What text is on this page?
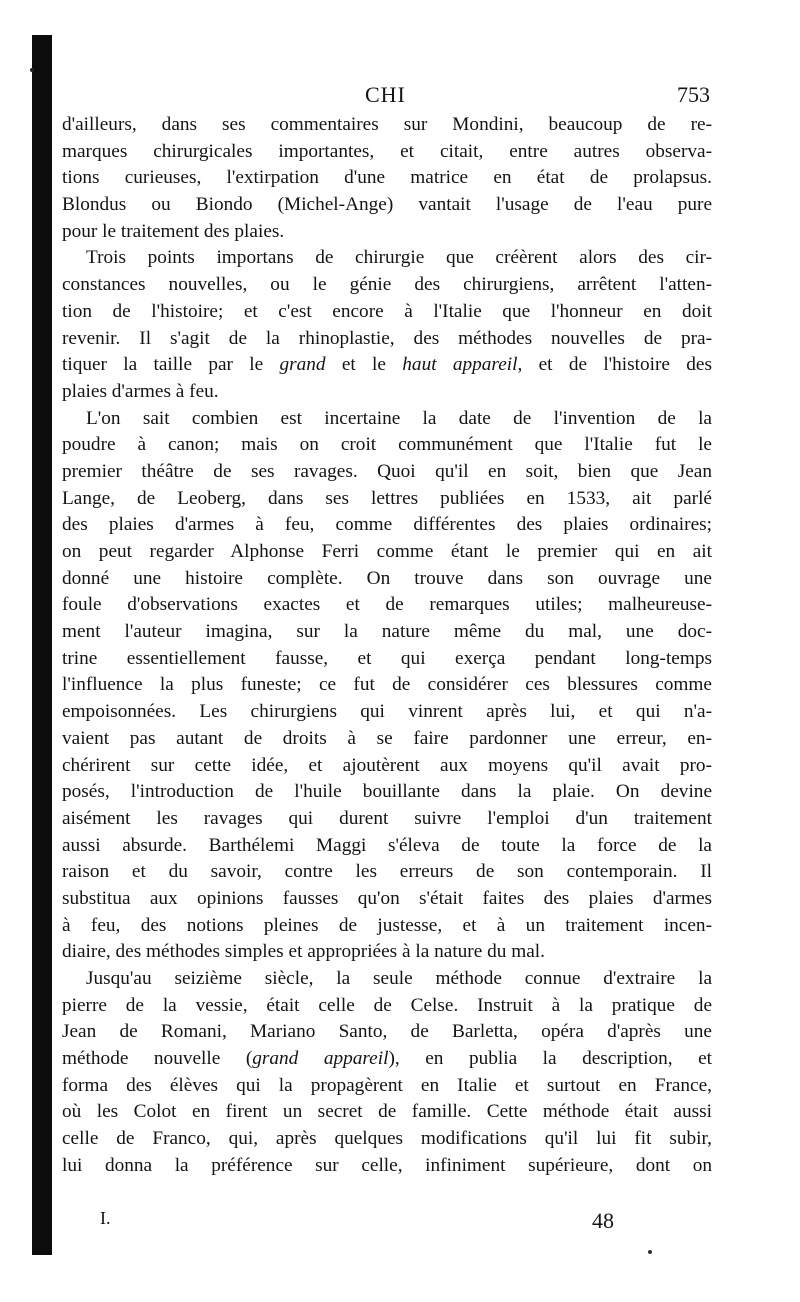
CHI	753
d'ailleurs, dans ses commentaires sur Mondini, beaucoup de re-
marques chirurgicales importantes, et citait, entre autres observa-
tions curieuses, l'extirpation d'une matrice en état de prolapsus.
Blondus ou Biondo (Michel-Ange) vantait l'usage de l'eau pure
pour le traitement des plaies.
Trois points importans de chirurgie que créèrent alors des cir-
constances nouvelles, ou le génie des chirurgiens, arrêtent l'atten-
tion de l'histoire; et c'est encore à l'Italie que l'honneur en doit
revenir. Il s'agit de la rhinoplastie, des méthodes nouvelles de pra-
tiquer la taille par le grand et le haut appareil, et de l'histoire des
plaies d'armes à feu.
L'on sait combien est incertaine la date de l'invention de la
poudre à canon; mais on croit communément que l'Italie fut le
premier théâtre de ses ravages. Quoi qu'il en soit, bien que Jean
Lange, de Leoberg, dans ses lettres publiées en 1533, ait parlé
des plaies d'armes à feu, comme différentes des plaies ordinaires;
on peut regarder Alphonse Ferri comme étant le premier qui en ait
donné une histoire complète. On trouve dans son ouvrage une
foule d'observations exactes et de remarques utiles; malheureuse-
ment l'auteur imagina, sur la nature même du mal, une doc-
trine essentiellement fausse, et qui exerça pendant long-temps
l'influence la plus funeste; ce fut de considérer ces blessures comme
empoisonnées. Les chirurgiens qui vinrent après lui, et qui n'a-
vaient pas autant de droits à se faire pardonner une erreur, en-
chérirent sur cette idée, et ajoutèrent aux moyens qu'il avait pro-
posés, l'introduction de l'huile bouillante dans la plaie. On devine
aisément les ravages qui durent suivre l'emploi d'un traitement
aussi absurde. Barthélemi Maggi s'éleva de toute la force de la
raison et du savoir, contre les erreurs de son contemporain. Il
substitua aux opinions fausses qu'on s'était faites des plaies d'armes
à feu, des notions pleines de justesse, et à un traitement incen-
diaire, des méthodes simples et appropriées à la nature du mal.
Jusqu'au seizième siècle, la seule méthode connue d'extraire la
pierre de la vessie, était celle de Celse. Instruit à la pratique de
Jean de Romani, Mariano Santo, de Barletta, opéra d'après une
méthode nouvelle (grand appareil), en publia la description, et
forma des élèves qui la propagèrent en Italie et surtout en France,
où les Colot en firent un secret de famille. Cette méthode était aussi
celle de Franco, qui, après quelques modifications qu'il lui fit subir,
lui donna la préférence sur celle, infiniment supérieure, dont on
I.	48
